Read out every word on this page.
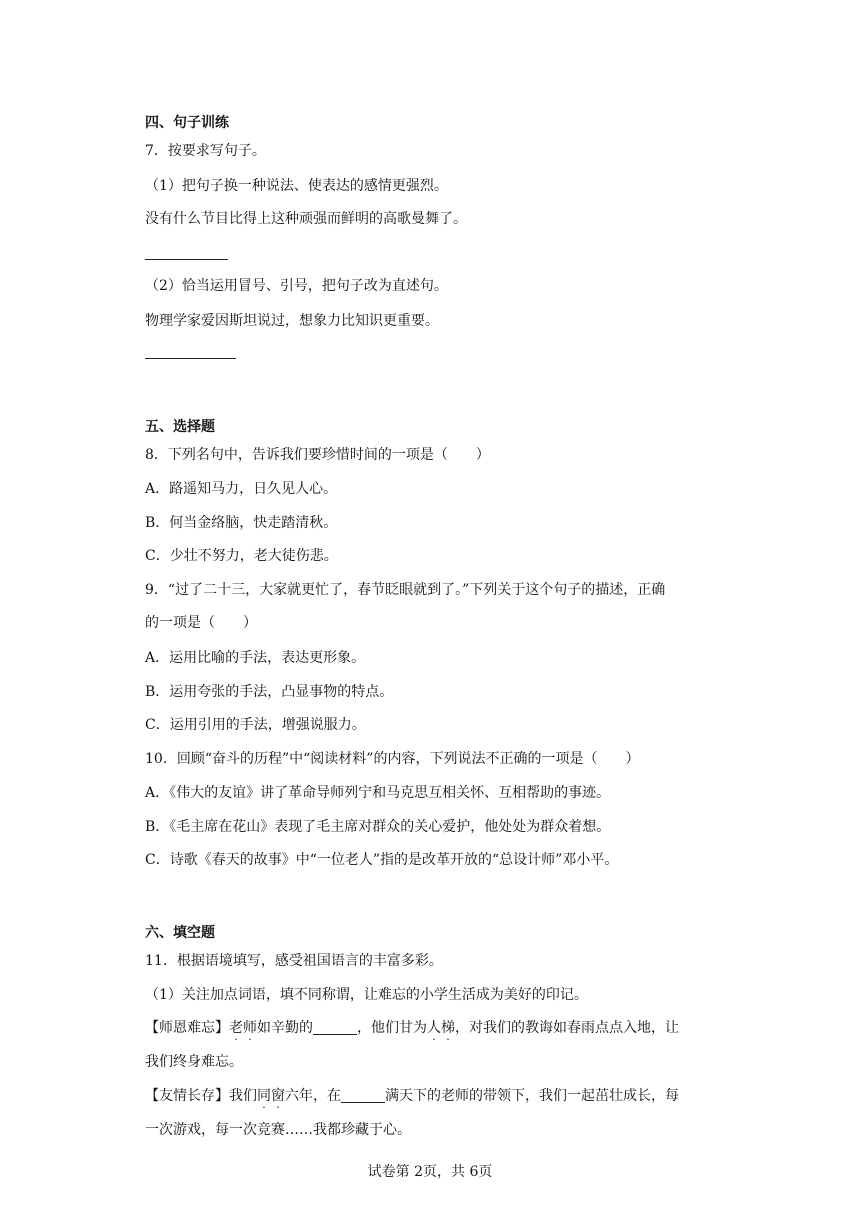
四、句子训练
7．按要求写句子。
（1）把句子换一种说法、使表达的感情更强烈。
没有什么节目比得上这种顽强而鲜明的高歌曼舞了。
（2）恰当运用冒号、引号，把句子改为直述句。
物理学家爱因斯坦说过，想象力比知识更重要。
五、选择题
8．下列名句中，告诉我们要珍惜时间的一项是（　　）
A．路遥知马力，日久见人心。
B．何当金络脑，快走踏清秋。
C．少壮不努力，老大徒伤悲。
9．“过了二十三，大家就更忙了，春节眨眼就到了。”下列关于这个句子的描述，正确
的一项是（　　）
A．运用比喻的手法，表达更形象。
B．运用夸张的手法，凸显事物的特点。
C．运用引用的手法，增强说服力。
10．回顾“奋斗的历程”中“阅读材料”的内容，下列说法不正确的一项是（　　）
A．《伟大的友谊》讲了革命导师列宁和马克思互相关怀、互相帮助的事迹。
B．《毛主席在花山》表现了毛主席对群众的关心爱护，他处处为群众着想。
C．诗歌《春天的故事》中“一位老人”指的是改革开放的“总设计师”邓小平。
六、填空题
11．根据语境填写，感受祖国语言的丰富多彩。
（1）关注加点词语，填不同称谓，让难忘的小学生活成为美好的印记。
【师恩难忘】老师
· ·
如辛勤的	，他们甘为人梯
· ·
，对我们的教诲如春雨点点入地，让
我们终身难忘。
【友情长存】我们同窗
· ·
六年，在	满天下的老师的带领下，我们一起茁壮成长，每
一次游戏，每一次竞赛……我都珍藏于心。
试卷第 2页，共 6页
